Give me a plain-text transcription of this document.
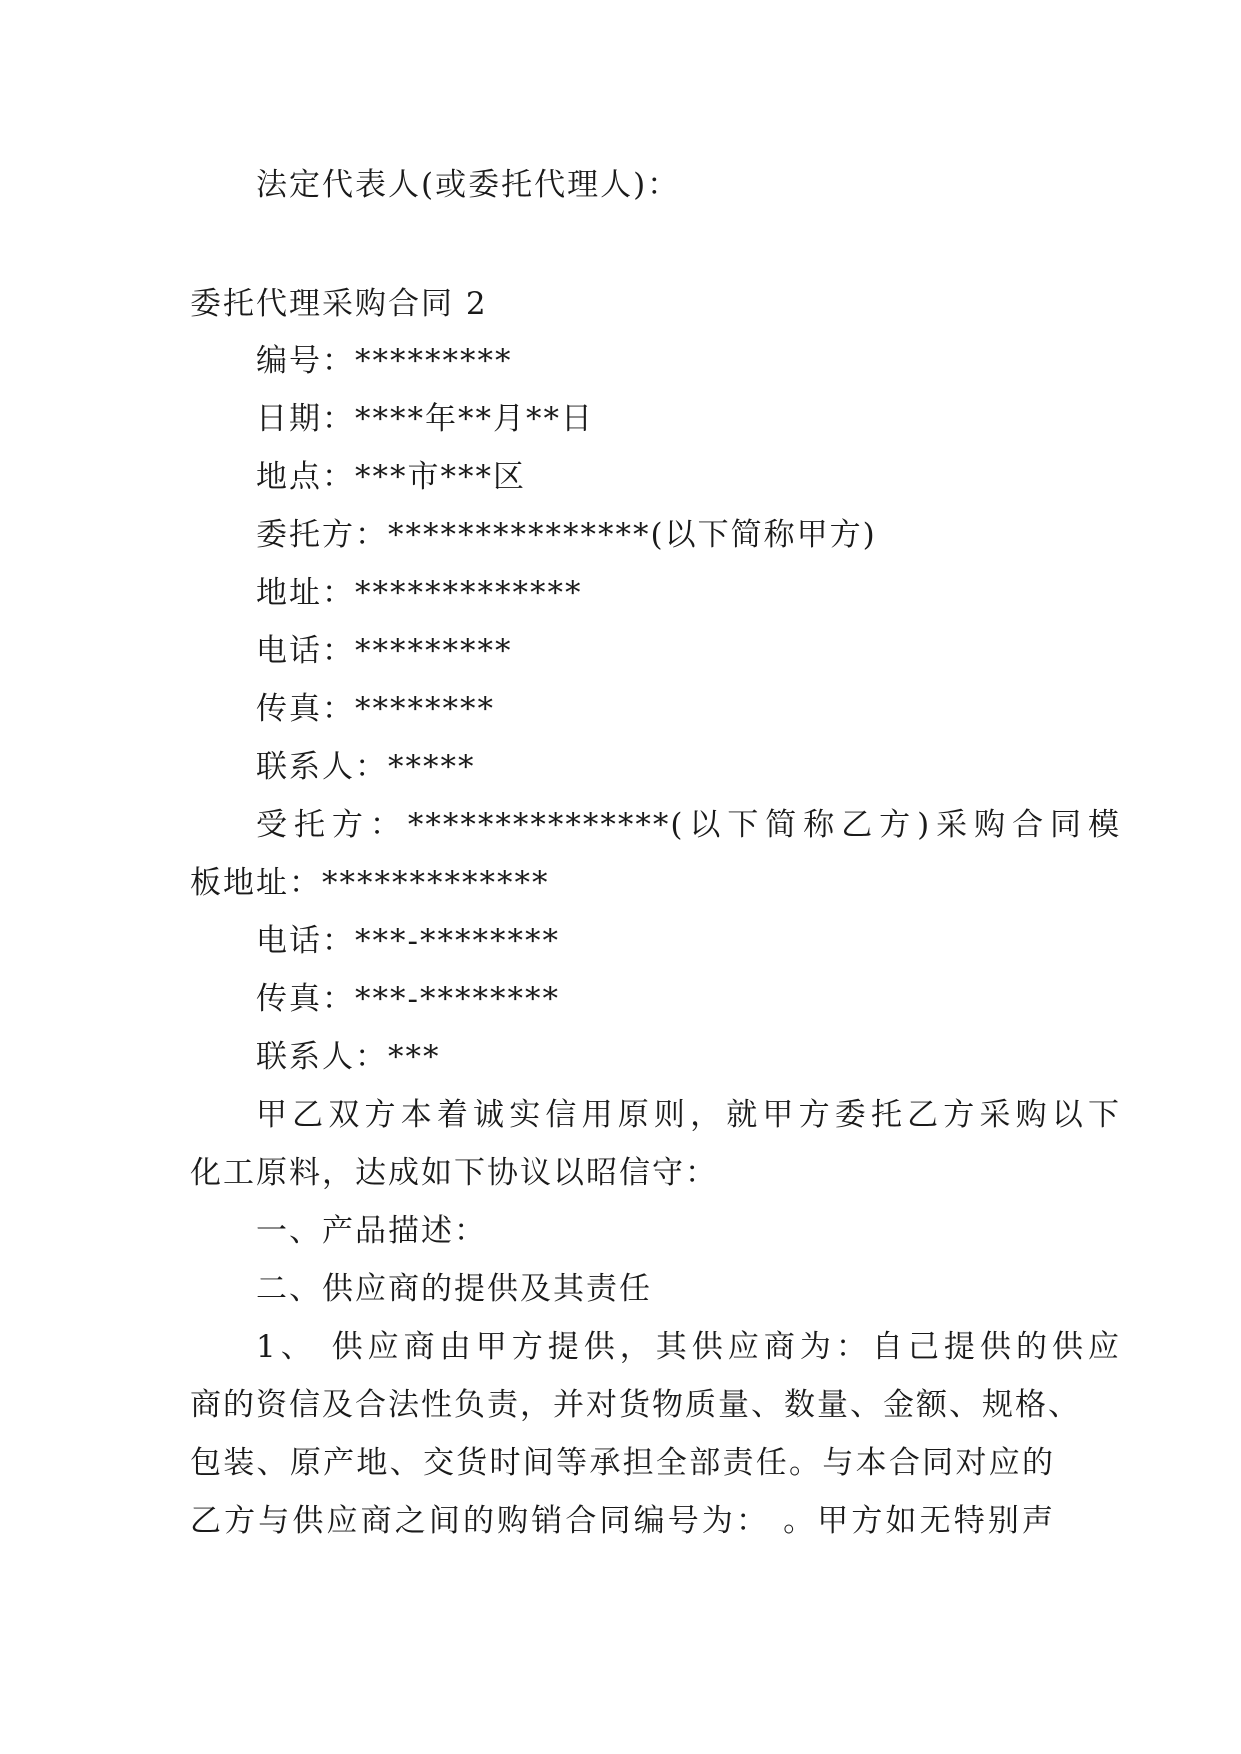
法定代表人(或委托代理人)：
委托代理采购合同 2
编号：*********
日期：****年**月**日
地点：***市***区
委托方：***************(以下简称甲方)
地址：*************
电话：*********
传真：********
联系人：*****
受托方：***************(以下简称乙方)采购合同模
板地址：*************
电话：***-********
传真：***-********
联系人：***
甲乙双方本着诚实信用原则，就甲方委托乙方采购以下
化工原料，达成如下协议以昭信守：
一、产品描述：
二、供应商的提供及其责任
1、 供应商由甲方提供，其供应商为：自己提供的供应
商的资信及合法性负责，并对货物质量、数量、金额、规格、
包装、原产地、交货时间等承担全部责任。与本合同对应的
乙方与供应商之间的购销合同编号为： 。甲方如无特别声
